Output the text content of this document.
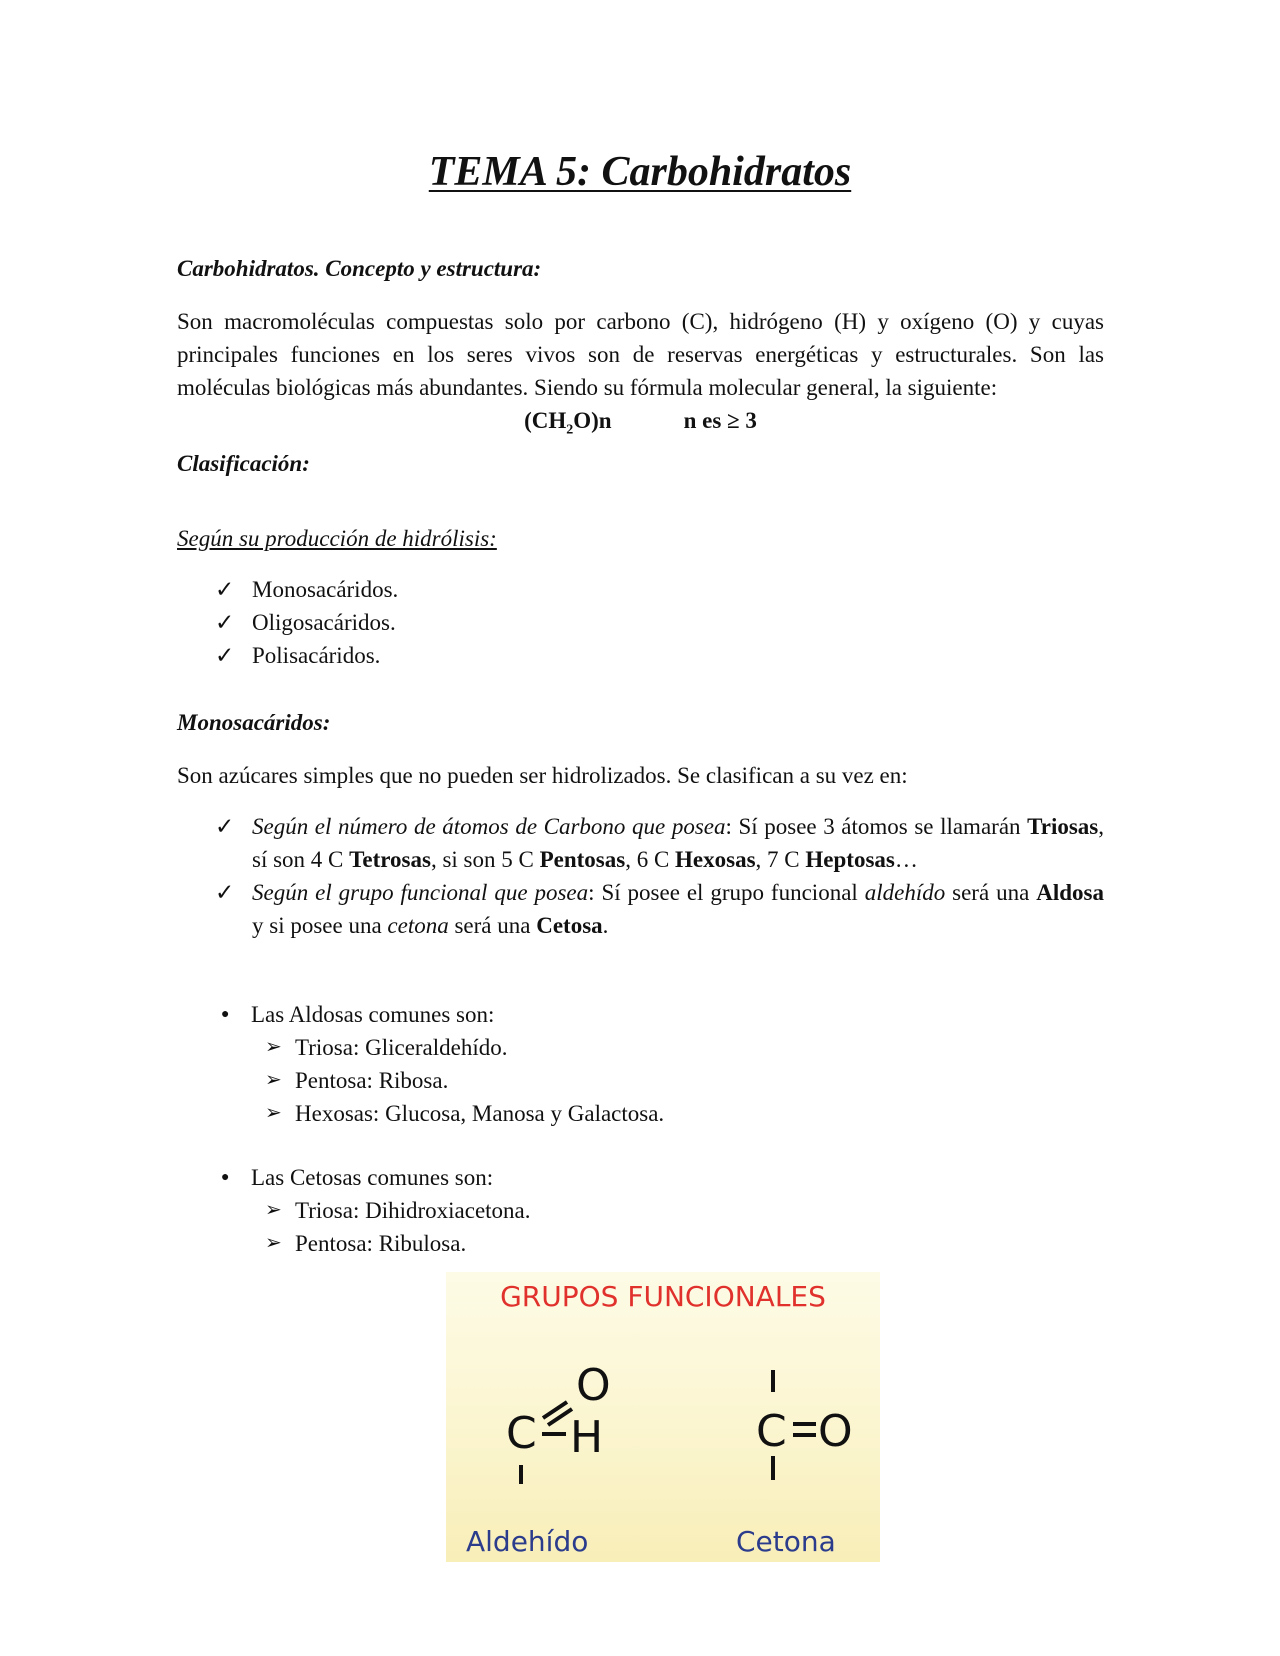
TEMA 5: Carbohidratos

Carbohidratos. Concepto y estructura:

Son macromoléculas compuestas solo por carbono (C), hidrógeno (H) y oxígeno (O) y cuyas principales funciones en los seres vivos son de reservas energéticas y estructurales. Son las moléculas biológicas más abundantes. Siendo su fórmula molecular general, la siguiente:

$(CH_2O)n$	n es ≥ 3

Clasificación:

Según su producción de hidrólisis:

✓ Monosacáridos.
✓ Oligosacáridos.
✓ Polisacáridos.

Monosacáridos:

Son azúcares simples que no pueden ser hidrolizados. Se clasifican a su vez en:

✓ Según el número de átomos de Carbono que posea: Sí posee 3 átomos se llamarán Triosas, sí son 4 C Tetrosas, si son 5 C Pentosas, 6 C Hexosas, 7 C Heptosas…
✓ Según el grupo funcional que posea: Sí posee el grupo funcional aldehído será una Aldosa y si posee una cetona será una Cetosa.
● Las Aldosas comunes son:
➢ Triosa: Gliceraldehído.
➢ Pentosa: Ribosa.
➢ Hexosas: Glucosa, Manosa y Galactosa.
● Las Cetosas comunes son:
➢ Triosa: Dihidroxiacetona.
➢ Pentosa: Ribulosa.
GRUPOS FUNCIONALES
C
O
H	C O
Aldehído	Cetona
